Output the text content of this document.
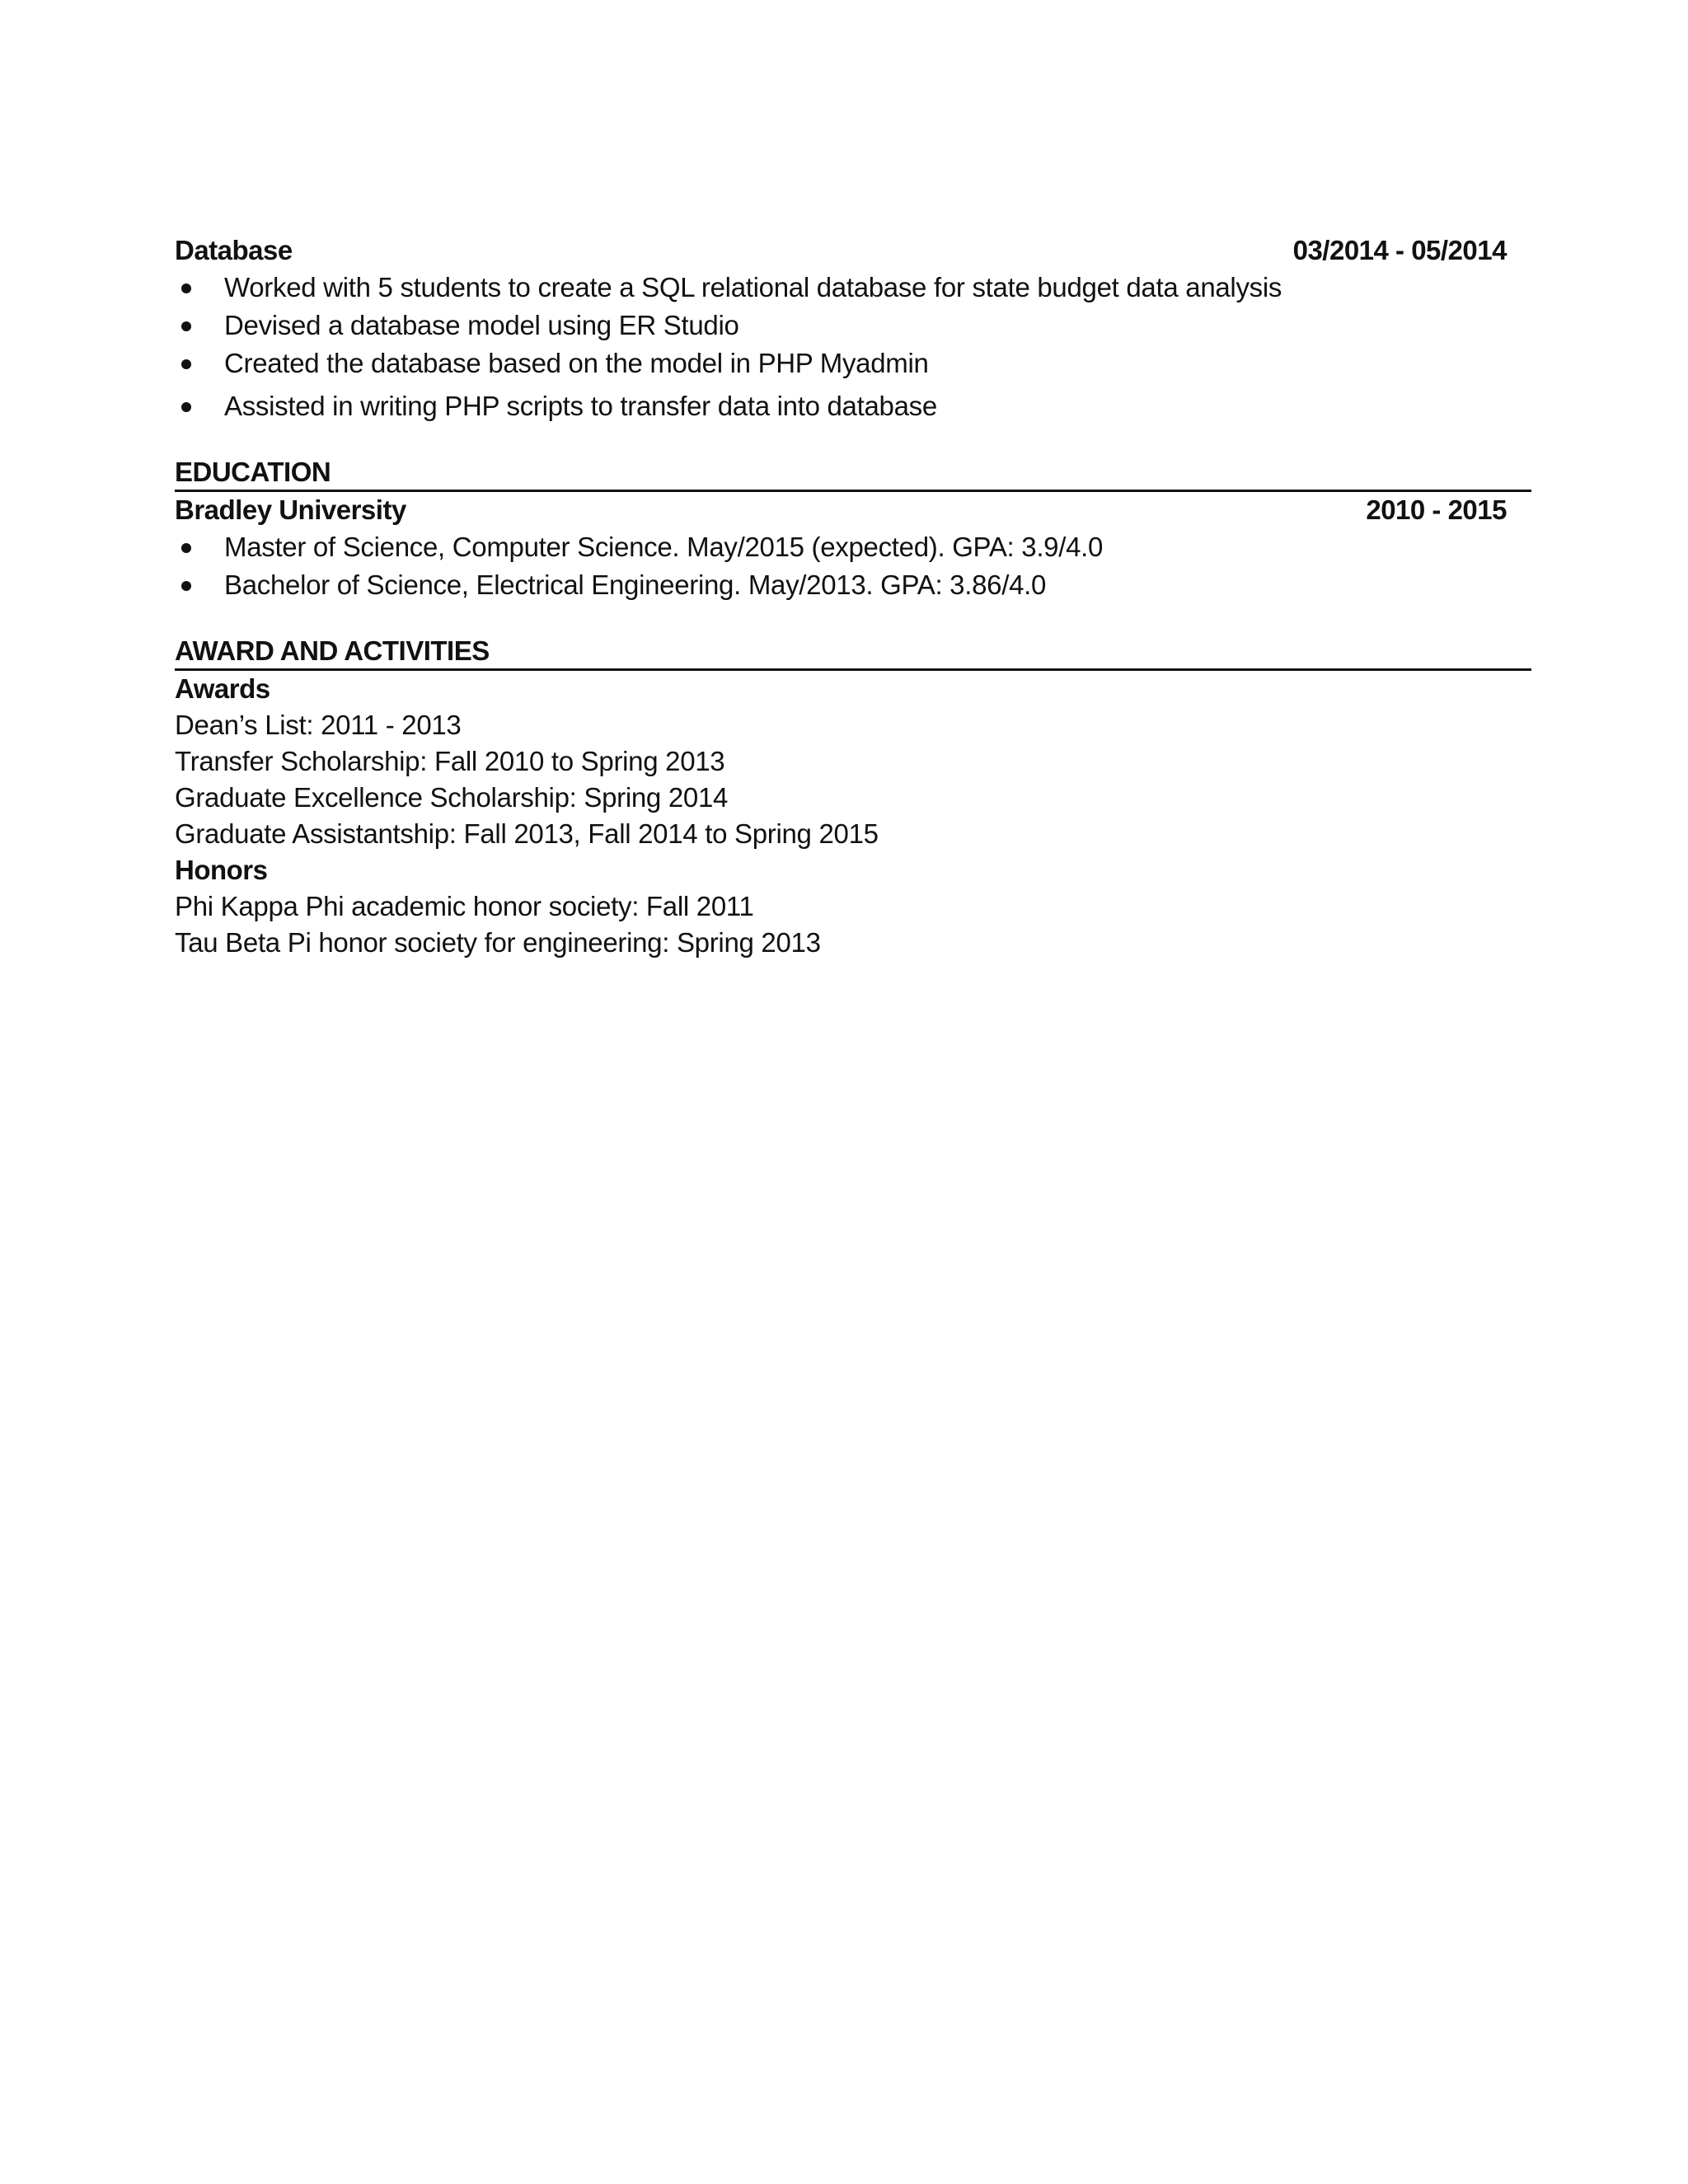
Database	03/2014 - 05/2014
Worked with 5 students to create a SQL relational database for state budget data analysis
Devised a database model using ER Studio
Created the database based on the model in PHP Myadmin
Assisted in writing PHP scripts to transfer data into database
EDUCATION
Bradley University	2010 - 2015
Master of Science, Computer Science. May/2015 (expected). GPA: 3.9/4.0
Bachelor of Science, Electrical Engineering. May/2013. GPA: 3.86/4.0
AWARD AND ACTIVITIES
Awards
Dean’s List: 2011 - 2013
Transfer Scholarship: Fall 2010 to Spring 2013
Graduate Excellence Scholarship: Spring 2014
Graduate Assistantship: Fall 2013, Fall 2014 to Spring 2015
Honors
Phi Kappa Phi academic honor society: Fall 2011
Tau Beta Pi honor society for engineering: Spring 2013
